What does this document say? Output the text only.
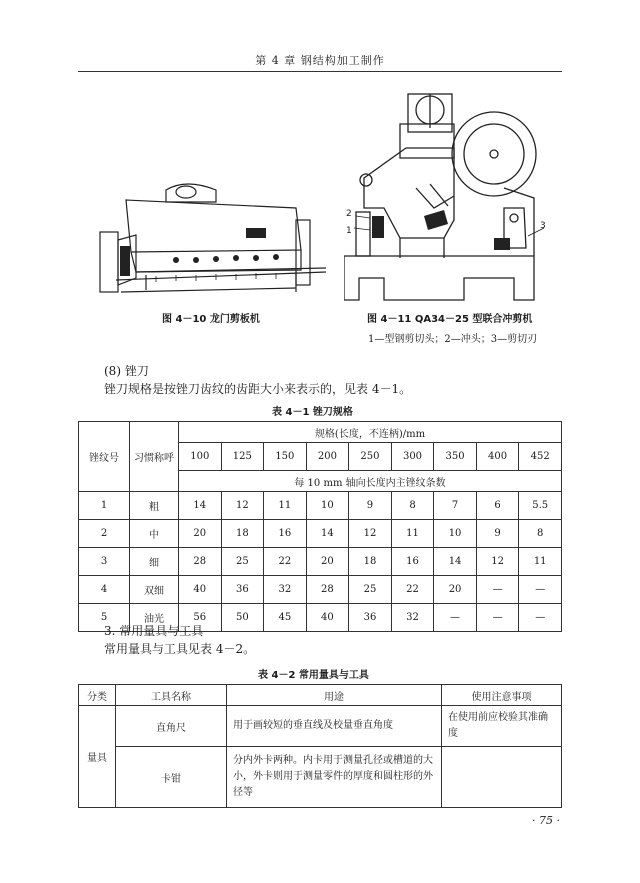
第 4 章 钢结构加工制作
图 4－10 龙门剪板机
2
1	3
图 4－11 QA34－25 型联合冲剪机
1—型钢剪切头；2—冲头；3—剪切刃
(8) 锉刀
锉刀规格是按锉刀齿纹的齿距大小来表示的，见表 4－1。
表 4－1 锉刀规格
锉纹号	习惯称呼	规格(长度，不连柄)/mm								
		100	125	150	200	250	300	350	400	452
		每 10 mm 轴向长度内主锉纹条数								
1	粗	14	12	11	10	9	8	7	6	5.5
2	中	20	18	16	14	12	11	10	9	8
3	细	28	25	22	20	18	16	14	12	11
4	双细	40	36	32	28	25	22	20	—	—
5	油光	56	50	45	40	36	32	—	—	—
3. 常用量具与工具
常用量具与工具见表 4－2。
表 4－2 常用量具与工具
分类	工具名称	用途	使用注意事项
量具	直角尺	用于画较短的垂直线及校量垂直角度	在使用前应校验其准确度
	卡钳	分内外卡两种。内卡用于测量孔径或槽道的大小，外卡则用于测量零件的厚度和圆柱形的外径等	
· 75 ·
